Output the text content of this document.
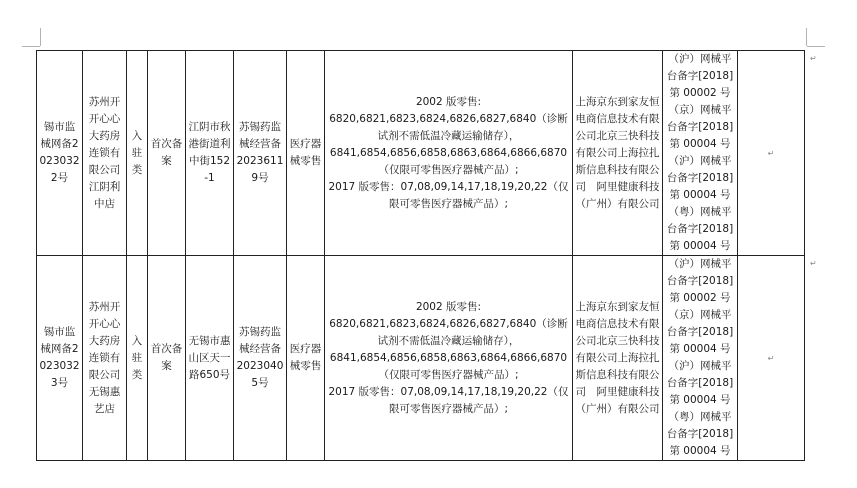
锡市监械网备20230322号	苏州开开心心大药房连锁有限公司江阴利中店	入驻类	首次备案	江阴市秋港街道利中街152-1	苏锡药监械经营备20236119号	医疗器械零售	2002 版零售:
6820,6821,6823,6824,6826,6827,6840（诊断试剂不需低温冷藏运输储存），
6841,6854,6856,6858,6863,6864,6866,6870（仅限可零售医疗器械产品）;
2017 版零售：07,08,09,14,17,18,19,20,22（仅限可零售医疗器械产品）;	上海京东到家友恒电商信息技术有限公司北京三快科技有限公司上海拉扎斯信息科技有限公司　阿里健康科技（广州）有限公司	（沪）网械平台备字[2018]第 00002 号（京）网械平台备字[2018]第 00004 号（沪）网械平台备字[2018]第 00004 号（粤）网械平台备字[2018]第 00004 号	↵
锡市监械网备20230323号	苏州开开心心大药房连锁有限公司无锡惠艺店	入驻类	首次备案	无锡市惠山区天一路650号	苏锡药监械经营备20230405号	医疗器械零售	2002 版零售:
6820,6821,6823,6824,6826,6827,6840（诊断试剂不需低温冷藏运输储存），
6841,6854,6856,6858,6863,6864,6866,6870（仅限可零售医疗器械产品）;
2017 版零售：07,08,09,14,17,18,19,20,22（仅限可零售医疗器械产品）;	上海京东到家友恒电商信息技术有限公司北京三快科技有限公司上海拉扎斯信息科技有限公司　阿里健康科技（广州）有限公司	（沪）网械平台备字[2018]第 00002 号（京）网械平台备字[2018]第 00004 号（沪）网械平台备字[2018]第 00004 号（粤）网械平台备字[2018]第 00004 号	↵
↵
↵
